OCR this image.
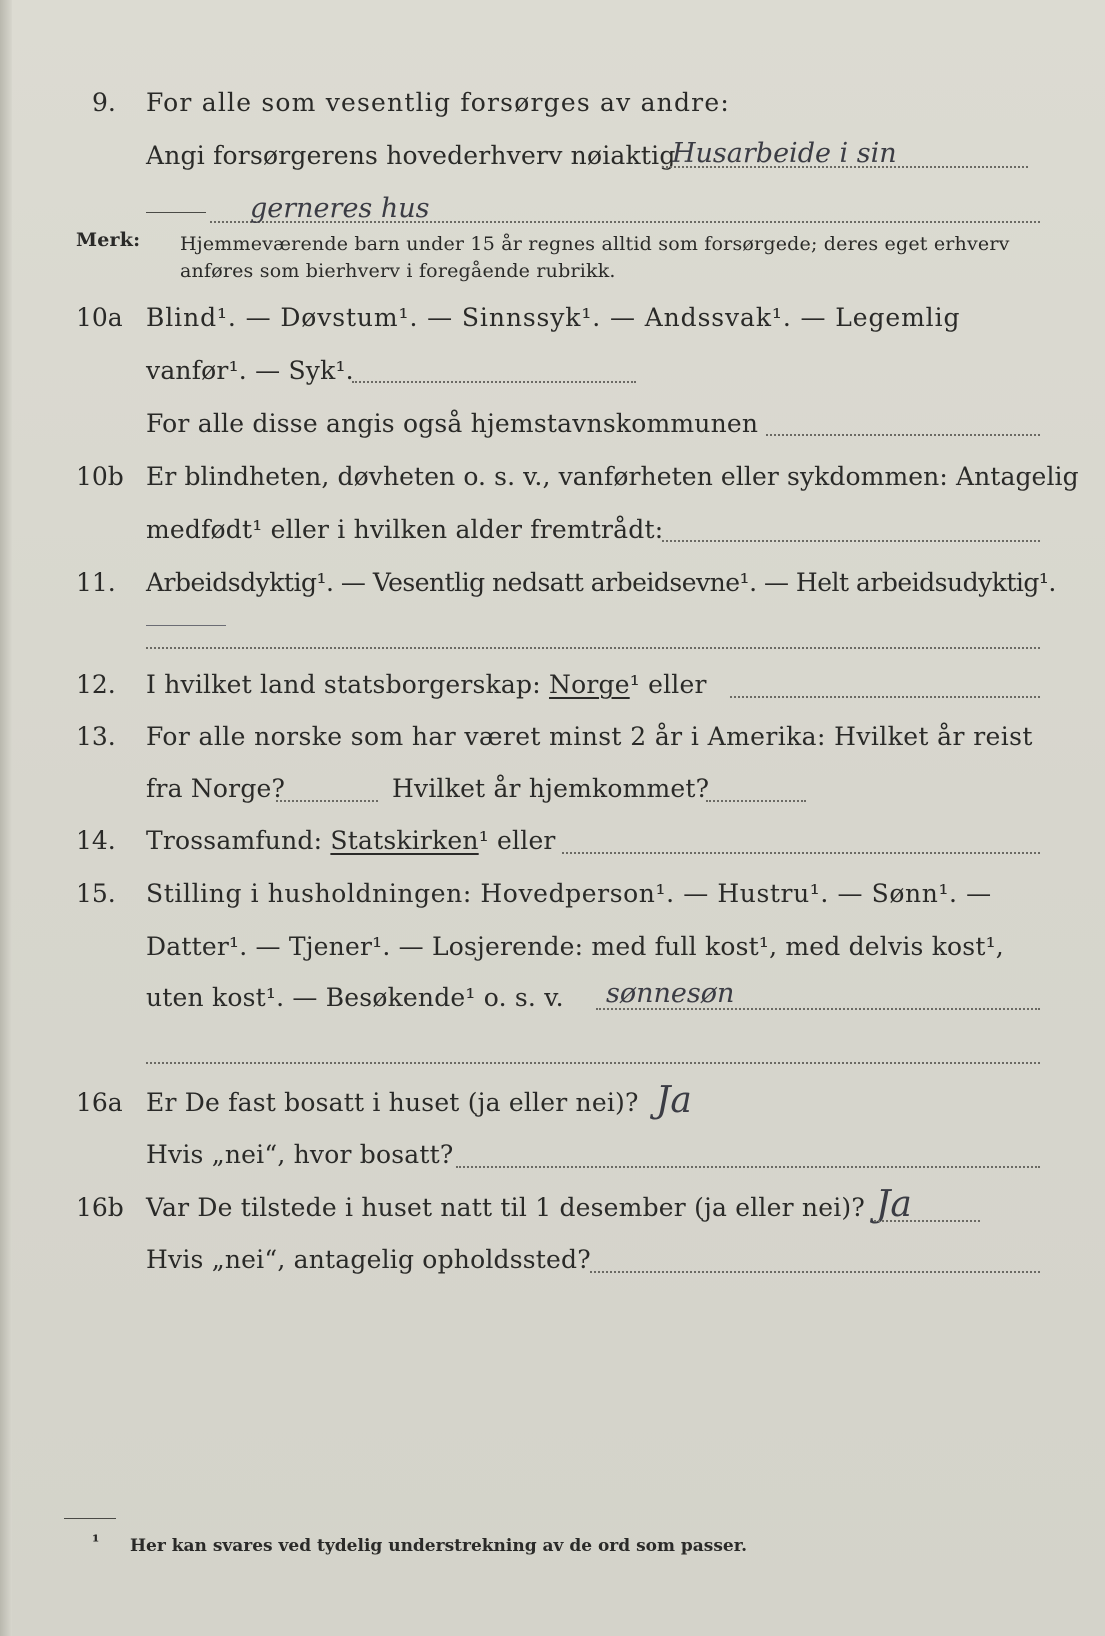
9. For alle som vesentlig forsørges av andre:
Angi forsørgerens hovederhverv nøiaktig
Husarbeide i sin
gerneres hus
Merk: Hjemmeværende barn under 15 år regnes alltid som forsørgede; deres eget erhverv
anføres som bierhverv i foregående rubrikk.
10a Blind¹. — Døvstum¹. — Sinnssyk¹. — Andssvak¹. — Legemlig
vanfør¹. — Syk¹.
For alle disse angis også hjemstavnskommunen
10b Er blindheten, døvheten o. s. v., vanførheten eller sykdommen: Antagelig
medfødt¹ eller i hvilken alder fremtrådt:
11. Arbeidsdyktig¹. — Vesentlig nedsatt arbeidsevne¹. — Helt arbeidsudyktig¹.
12. I hvilket land statsborgerskap: Norge¹ eller
13. For alle norske som har været minst 2 år i Amerika: Hvilket år reist
fra Norge?	Hvilket år hjemkommet?
14. Trossamfund: Statskirken¹ eller
15. Stilling i husholdningen: Hovedperson¹. — Hustru¹. — Sønn¹. —
Datter¹. — Tjener¹. — Losjerende: med full kost¹, med delvis kost¹,
uten kost¹. — Besøkende¹ o. s. v. sønnesøn
16a Er De fast bosatt i huset (ja eller nei)? Ja
Hvis „nei“, hvor bosatt?
16b Var De tilstede i huset natt til 1 desember (ja eller nei)? Ja
Hvis „nei“, antagelig opholdssted?
¹ Her kan svares ved tydelig understrekning av de ord som passer.
